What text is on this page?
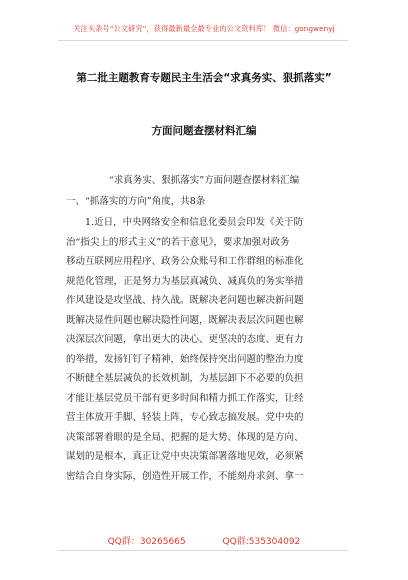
关注头条号“公文研究”，获得最新最全最专业的公文资料库！ 微信：gongwenyj
第二批主题教育专题民主生活会“求真务实、狠抓落实”
方面问题查摆材料汇编
“求真务实、狠抓落实”方面问题查摆材料汇编
一、“抓落实的方向”角度，共8条
1.近日，中央网络安全和信息化委员会印发《关于防
治“指尖上的形式主义”的若干意见》，要求加强对政务
移动互联网应用程序、政务公众账号和工作群组的标准化
规范化管理，正是努力为基层真减负、减真负的务实举措
作风建设是攻坚战、持久战。既解决老问题也解决新问题
既解决显性问题也解决隐性问题，既解决表层次问题也解
决深层次问题，拿出更大的决心、更坚决的态度、更有力
的举措，发扬钉钉子精神，始终保持突出问题的整治力度
不断健全基层减负的长效机制，为基层卸下不必要的负担
才能让基层党员干部有更多时间和精力抓工作落实，让经
营主体放开手脚、轻装上阵，专心致志搞发展。党中央的
决策部署着眼的是全局、把握的是大势、体现的是方向、
谋划的是根本，真正让党中央决策部署落地见效，必须紧
密结合自身实际，创造性开展工作，不能刻舟求剑、拿一
QQ群：30265665	QQ群:535304092
